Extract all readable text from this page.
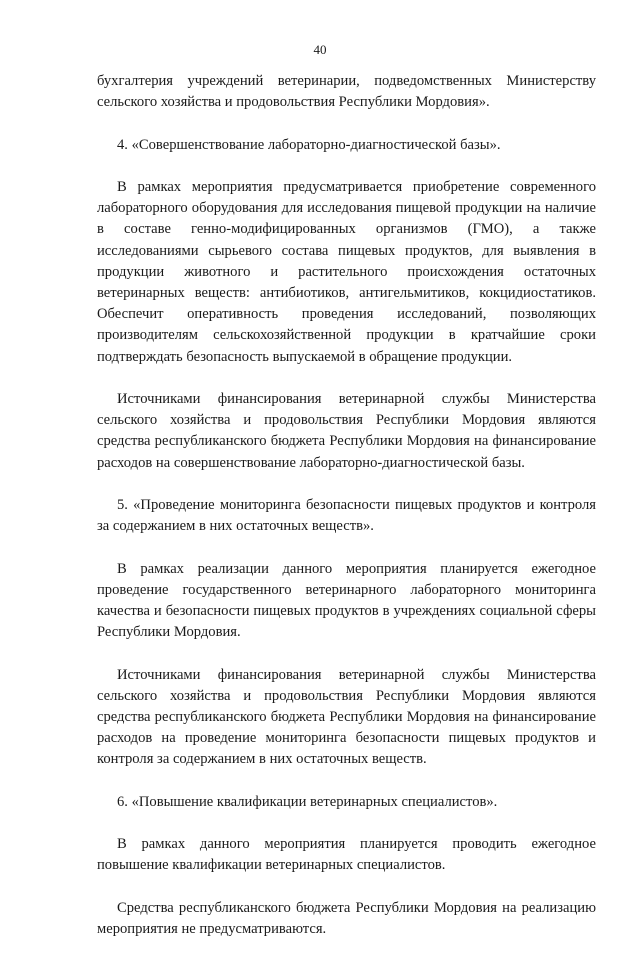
40

бухгалтерия учреждений ветеринарии, подведомственных Министерству сельского хозяйства и продовольствия Республики Мордовия».

4. «Совершенствование лабораторно-диагностической базы».

В рамках мероприятия предусматривается приобретение современного лабораторного оборудования для исследования пищевой продукции на наличие в составе генно-модифицированных организмов (ГМО), а также исследованиями сырьевого состава пищевых продуктов, для выявления в продукции животного и растительного происхождения остаточных ветеринарных веществ: антибиотиков, антигельмитиков, кокцидиостатиков. Обеспечит оперативность проведения исследований, позволяющих производителям сельскохозяйственной продукции в кратчайшие сроки подтверждать безопасность выпускаемой в обращение продукции.

Источниками финансирования ветеринарной службы Министерства сельского хозяйства и продовольствия Республики Мордовия являются средства республиканского бюджета Республики Мордовия на финансирование расходов на совершенствование лабораторно-диагностической базы.

5. «Проведение мониторинга безопасности пищевых продуктов и контроля за содержанием в них остаточных веществ».

В рамках реализации данного мероприятия планируется ежегодное проведение государственного ветеринарного лабораторного мониторинга качества и безопасности пищевых продуктов в учреждениях социальной сферы Республики Мордовия.

Источниками финансирования ветеринарной службы Министерства сельского хозяйства и продовольствия Республики Мордовия являются средства республиканского бюджета Республики Мордовия на финансирование расходов на проведение мониторинга безопасности пищевых продуктов и контроля за содержанием в них остаточных веществ.

6. «Повышение квалификации ветеринарных специалистов».

В рамках данного мероприятия планируется проводить ежегодное повышение квалификации ветеринарных специалистов.

Средства республиканского бюджета Республики Мордовия на реализацию мероприятия не предусматриваются.
